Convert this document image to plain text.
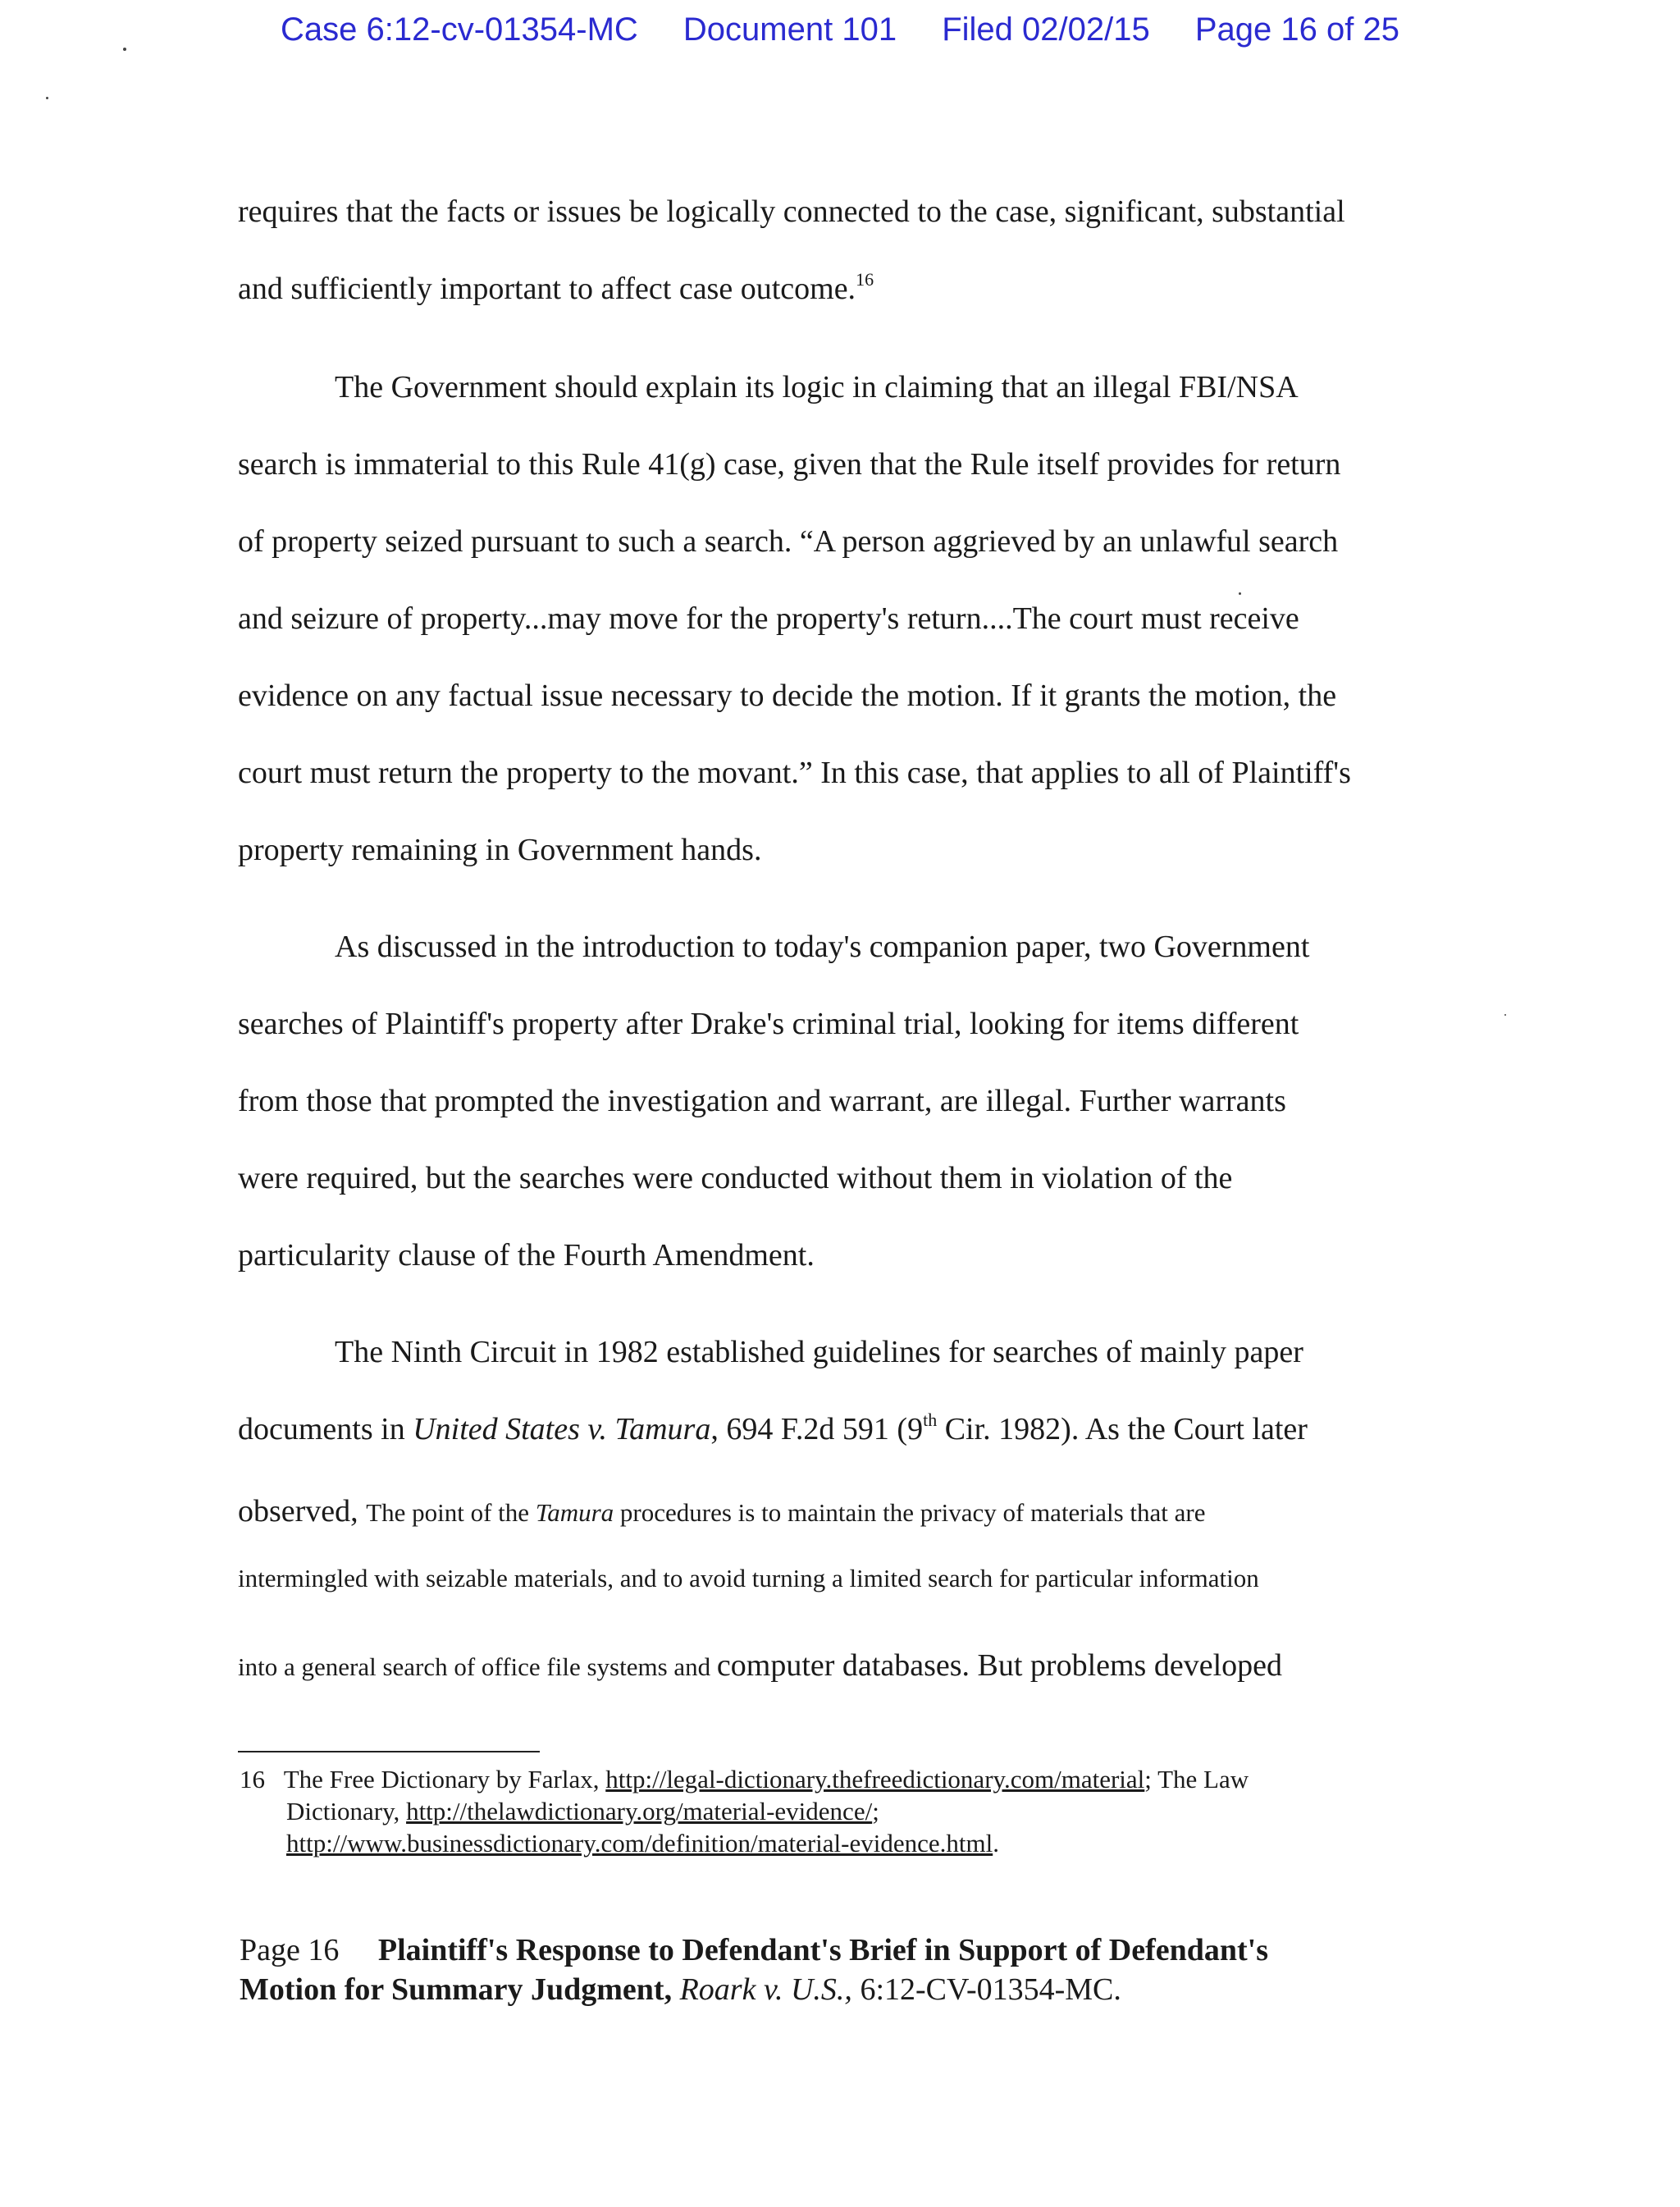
Case 6:12-cv-01354-MC Document 101 Filed 02/02/15 Page 16 of 25
requires that the facts or issues be logically connected to the case, significant, substantial
and sufficiently important to affect case outcome.$^{16}$
The Government should explain its logic in claiming that an illegal FBI/NSA
search is immaterial to this Rule 41(g) case, given that the Rule itself provides for return
of property seized pursuant to such a search. “A person aggrieved by an unlawful search
and seizure of property...may move for the property's return....The court must receive
evidence on any factual issue necessary to decide the motion. If it grants the motion, the
court must return the property to the movant.” In this case, that applies to all of Plaintiff's
property remaining in Government hands.
As discussed in the introduction to today's companion paper, two Government
searches of Plaintiff's property after Drake's criminal trial, looking for items different
from those that prompted the investigation and warrant, are illegal. Further warrants
were required, but the searches were conducted without them in violation of the
particularity clause of the Fourth Amendment.
The Ninth Circuit in 1982 established guidelines for searches of mainly paper
documents in United States v. Tamura, 694 F.2d 591 (9th Cir. 1982). As the Court later
observed, The point of the Tamura procedures is to maintain the privacy of materials that are
intermingled with seizable materials, and to avoid turning a limited search for particular information
into a general search of office file systems and computer databases. But problems developed
16 The Free Dictionary by Farlax, http://legal-dictionary.thefreedictionary.com/material; The Law
Dictionary, http://thelawdictionary.org/material-evidence/;
http://www.businessdictionary.com/definition/material-evidence.html.
Page 16 Plaintiff's Response to Defendant's Brief in Support of Defendant's
Motion for Summary Judgment, Roark v. U.S., 6:12-CV-01354-MC.
